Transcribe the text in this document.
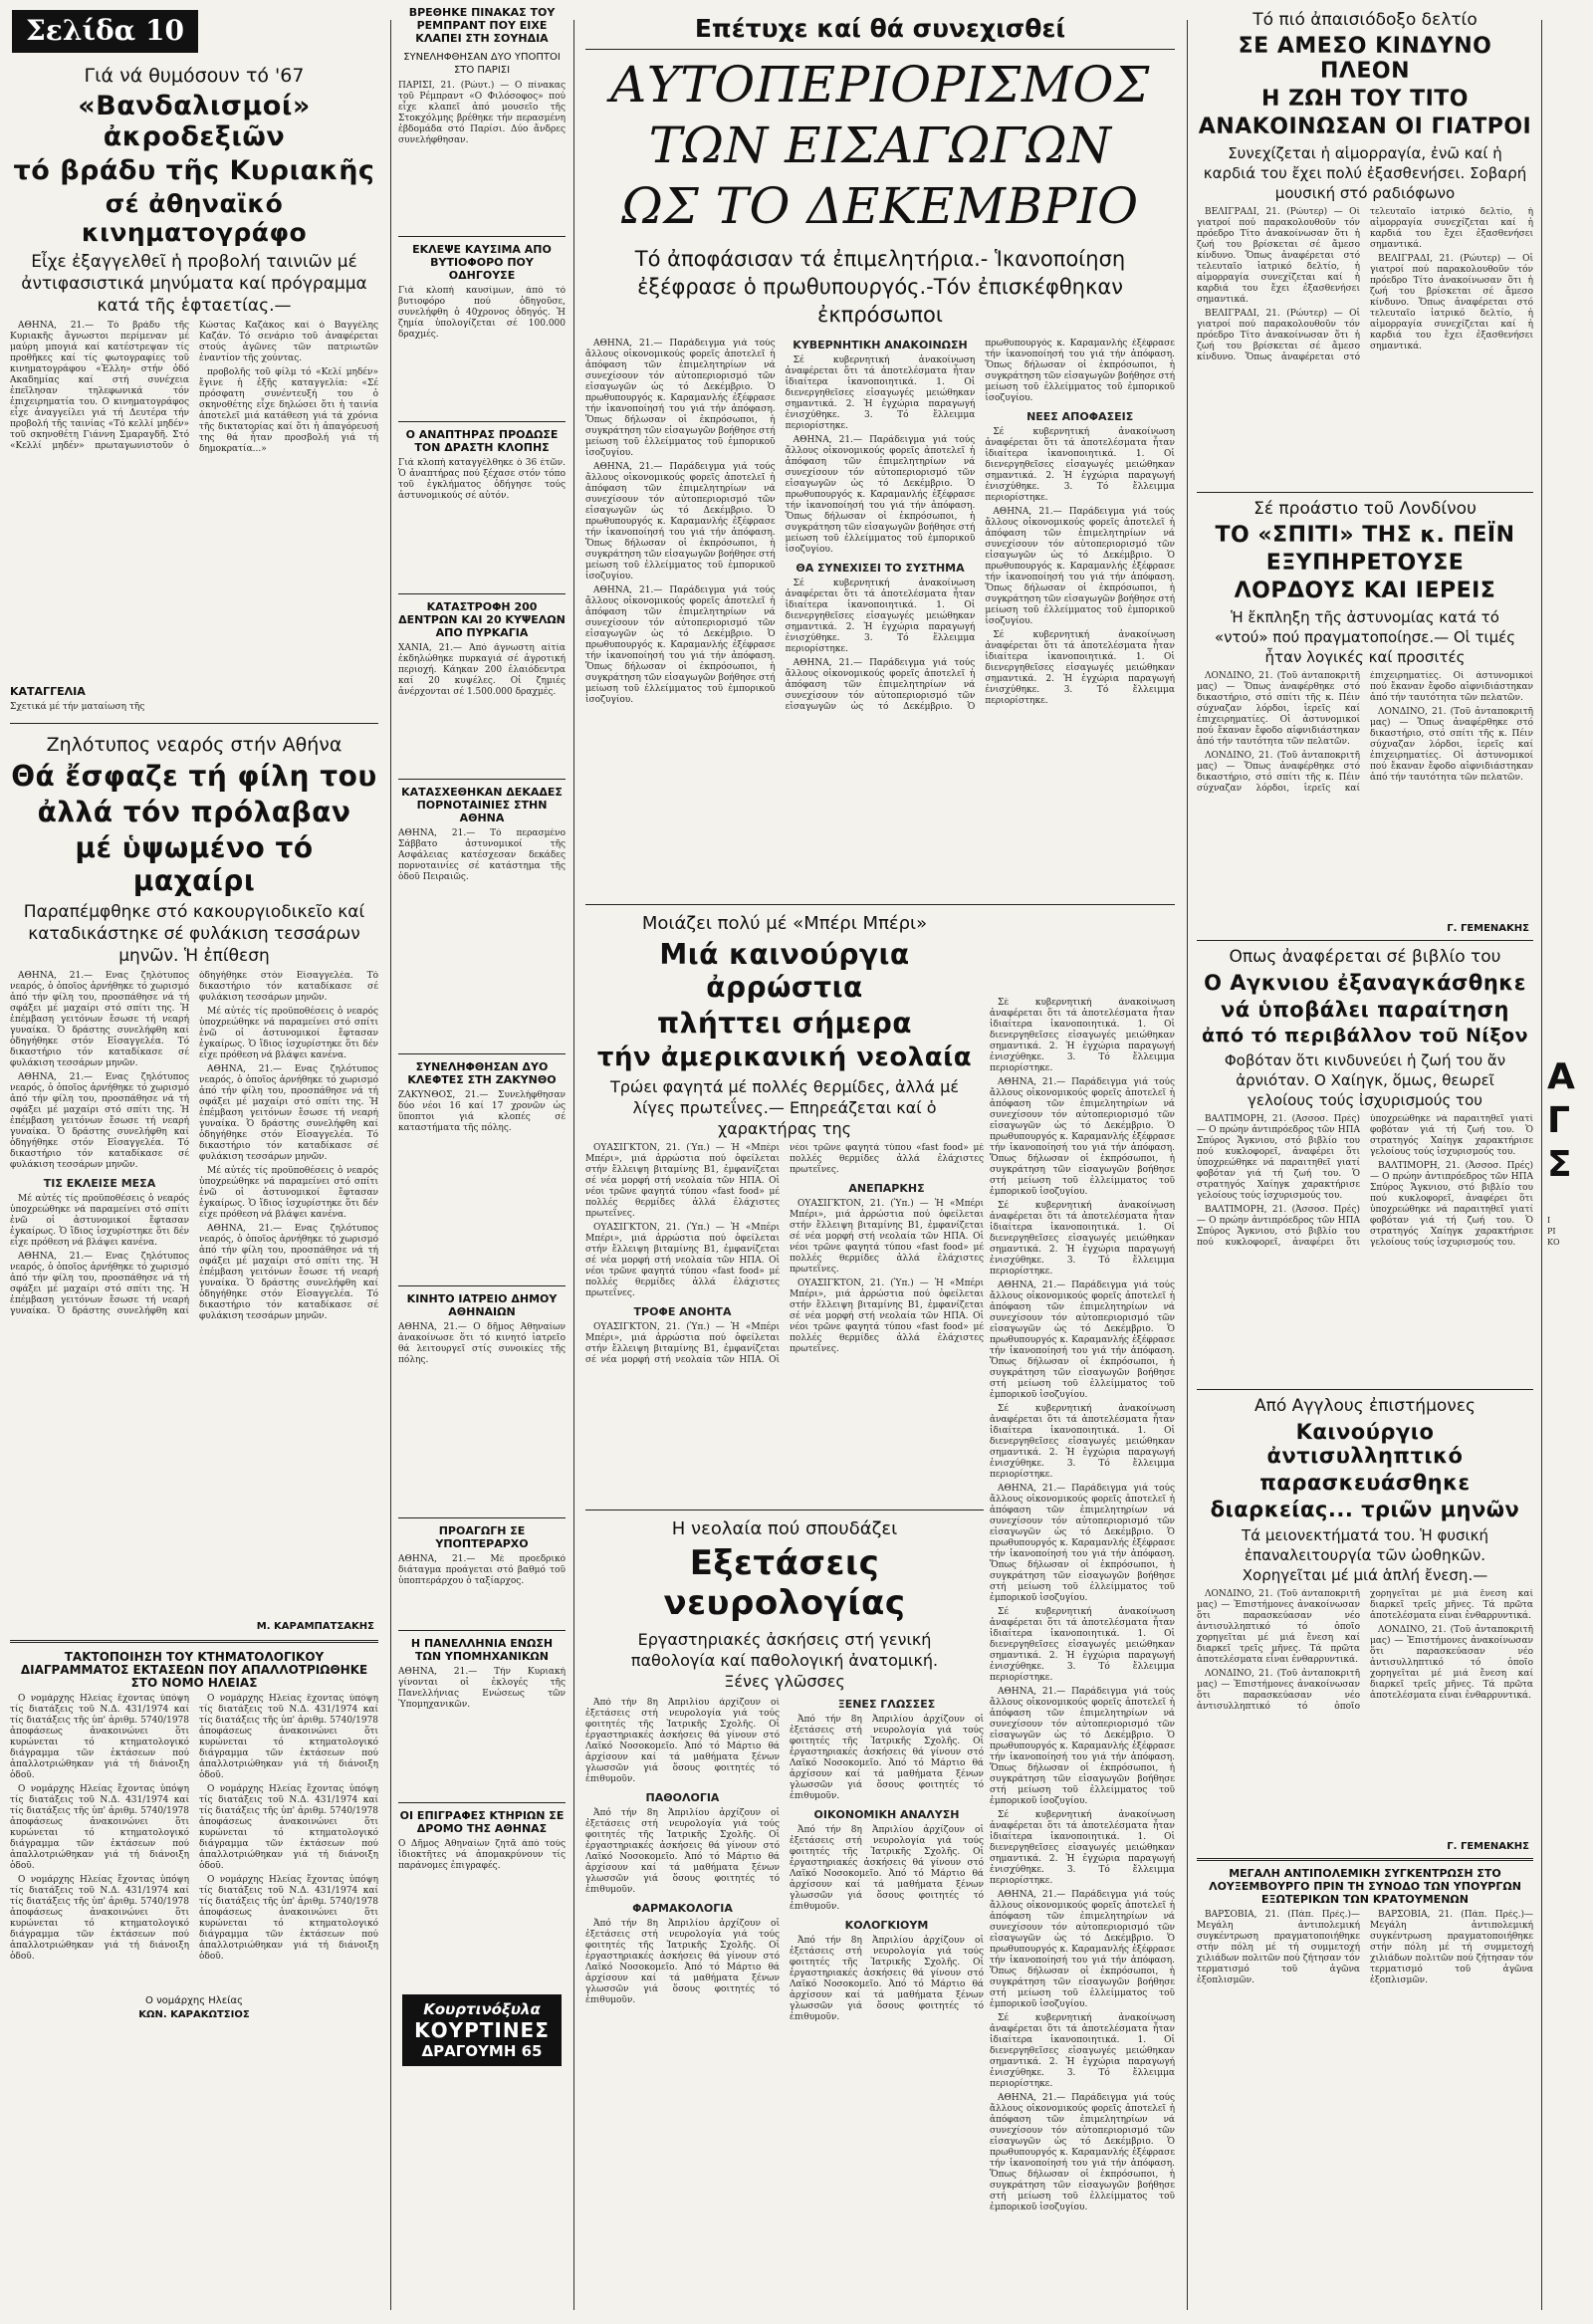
Σελίδα 10
Γιά νά θυμόσουν τό '67
«Βανδαλισμοί» ἀκροδεξιῶν
τό βράδυ τῆς Κυριακῆς
σέ ἀθηναϊκό κινηματογράφο
Εἶχε ἐξαγγελθεῖ ἡ προβολή ταινιῶν μέ ἀντιφασιστικά μηνύματα καί πρόγραμμα κατά τῆς ἑφταετίας.—

ΑΘΗΝΑ, 21.— Τό βράδυ τῆς Κυριακῆς ἄγνωστοι περίμεναν μέ μαύρη μπογιά καί κατέστρεψαν τίς προθῆκες καί τίς φωτογραφίες τοῦ κινηματογράφου «Ἐλλη» στήν ὁδό Ακαδημίας καί στή συνέχεια ἐπεῖλησαν τηλεφωνικά τόν ἐπιχειρηματία του. Ο κινηματογράφος εἶχε ἀναγγείλει γιά τή Δευτέρα τήν προβολή τῆς ταινίας «Τό κελλί μηδέν» τοῦ σκηνοθέτη Γιάννη Σμαραγδῆ. Στό «Κελλί μηδέν» πρωταγωνιστοῦν ὁ Κώστας Καζάκος καί ὁ Βαγγέλης Καζάν. Τό σενάριο τοῦ ἀναφέρεται στούς ἀγῶνες τῶν πατριωτῶν ἐναντίον τῆς χούντας.

προβολῆς τοῦ φίλμ τό «Κελί μηδέν» ἔγινε ἡ ἑξῆς καταγγελία: «Σέ πρόσφατη συνέντευξή του ὁ σκηνοθέτης εἶχε δηλώσει ὅτι ἡ ταινία ἀποτελεῖ μιά κατάθεση γιά τά χρόνια τῆς δικτατορίας καί ὅτι ἡ ἀπαγόρευσή της θά ἦταν προσβολή γιά τή δημοκρατία...»

ΚΑΤΑΓΓΕΛΙΑ
Σχετικά μέ τήν ματαίωση τῆς
Ζηλότυπος νεαρός στήν Αθήνα
Θά ἔσφαζε τή φίλη του
ἀλλά τόν πρόλαβαν
μέ ὑψωμένο τό μαχαίρι
Παραπέμφθηκε στό κακουργιοδικεῖο καί καταδικάστηκε σέ φυλάκιση τεσσάρων μηνῶν. Ἡ ἐπίθεση

ΑΘΗΝΑ, 21.— Ενας ζηλότυπος νεαρός, ὁ ὁποῖος ἀρνήθηκε τό χωρισμό ἀπό τήν φίλη του, προσπάθησε νά τή σφάξει μέ μαχαίρι στό σπίτι της. Ἡ ἐπέμβαση γειτόνων ἔσωσε τή νεαρή γυναίκα. Ὁ δράστης συνελήφθη καί ὁδηγήθηκε στόν Εἰσαγγελέα. Τό δικαστήριο τόν καταδίκασε σέ φυλάκιση τεσσάρων μηνῶν.

ΑΘΗΝΑ, 21.— Ενας ζηλότυπος νεαρός, ὁ ὁποῖος ἀρνήθηκε τό χωρισμό ἀπό τήν φίλη του, προσπάθησε νά τή σφάξει μέ μαχαίρι στό σπίτι της. Ἡ ἐπέμβαση γειτόνων ἔσωσε τή νεαρή γυναίκα. Ὁ δράστης συνελήφθη καί ὁδηγήθηκε στόν Εἰσαγγελέα. Τό δικαστήριο τόν καταδίκασε σέ φυλάκιση τεσσάρων μηνῶν.

ΤΙΣ ΕΚΛΕΙΣΕ ΜΕΣΑ

Μέ αὐτές τίς προϋποθέσεις ὁ νεαρός ὑποχρεώθηκε νά παραμείνει στό σπίτι ἐνῶ οἱ ἀστυνομικοί ἔφτασαν ἐγκαίρως. Ὁ ἴδιος ἰσχυρίστηκε ὅτι δέν εἶχε πρόθεση νά βλάψει κανένα.

ΑΘΗΝΑ, 21.— Ενας ζηλότυπος νεαρός, ὁ ὁποῖος ἀρνήθηκε τό χωρισμό ἀπό τήν φίλη του, προσπάθησε νά τή σφάξει μέ μαχαίρι στό σπίτι της. Ἡ ἐπέμβαση γειτόνων ἔσωσε τή νεαρή γυναίκα. Ὁ δράστης συνελήφθη καί ὁδηγήθηκε στόν Εἰσαγγελέα. Τό δικαστήριο τόν καταδίκασε σέ φυλάκιση τεσσάρων μηνῶν.

Μέ αὐτές τίς προϋποθέσεις ὁ νεαρός ὑποχρεώθηκε νά παραμείνει στό σπίτι ἐνῶ οἱ ἀστυνομικοί ἔφτασαν ἐγκαίρως. Ὁ ἴδιος ἰσχυρίστηκε ὅτι δέν εἶχε πρόθεση νά βλάψει κανένα.

ΑΘΗΝΑ, 21.— Ενας ζηλότυπος νεαρός, ὁ ὁποῖος ἀρνήθηκε τό χωρισμό ἀπό τήν φίλη του, προσπάθησε νά τή σφάξει μέ μαχαίρι στό σπίτι της. Ἡ ἐπέμβαση γειτόνων ἔσωσε τή νεαρή γυναίκα. Ὁ δράστης συνελήφθη καί ὁδηγήθηκε στόν Εἰσαγγελέα. Τό δικαστήριο τόν καταδίκασε σέ φυλάκιση τεσσάρων μηνῶν.

Μέ αὐτές τίς προϋποθέσεις ὁ νεαρός ὑποχρεώθηκε νά παραμείνει στό σπίτι ἐνῶ οἱ ἀστυνομικοί ἔφτασαν ἐγκαίρως. Ὁ ἴδιος ἰσχυρίστηκε ὅτι δέν εἶχε πρόθεση νά βλάψει κανένα.

ΑΘΗΝΑ, 21.— Ενας ζηλότυπος νεαρός, ὁ ὁποῖος ἀρνήθηκε τό χωρισμό ἀπό τήν φίλη του, προσπάθησε νά τή σφάξει μέ μαχαίρι στό σπίτι της. Ἡ ἐπέμβαση γειτόνων ἔσωσε τή νεαρή γυναίκα. Ὁ δράστης συνελήφθη καί ὁδηγήθηκε στόν Εἰσαγγελέα. Τό δικαστήριο τόν καταδίκασε σέ φυλάκιση τεσσάρων μηνῶν.

Μ. ΚΑΡΑΜΠΑΤΣΑΚΗΣ
ΤΑΚΤΟΠΟΙΗΣΗ ΤΟΥ ΚΤΗΜΑΤΟΛΟΓΙΚΟΥ ΔΙΑΓΡΑΜΜΑΤΟΣ ΕΚΤΑΣΕΩΝ ΠΟΥ ΑΠΑΛΛΟΤΡΙΩΘΗΚΕ ΣΤΟ ΝΟΜΟ ΗΛΕΙΑΣ

Ο νομάρχης Ηλείας ἔχοντας ὑπόψη τίς διατάξεις τοῦ Ν.Δ. 431/1974 καί τίς διατάξεις τῆς ὑπ' ἀριθμ. 5740/1978 ἀποφάσεως ἀνακοινώνει ὅτι κυρώνεται τό κτηματολογικό διάγραμμα τῶν ἐκτάσεων πού ἀπαλλοτριώθηκαν γιά τή διάνοιξη ὁδοῦ.

Ο νομάρχης Ηλείας ἔχοντας ὑπόψη τίς διατάξεις τοῦ Ν.Δ. 431/1974 καί τίς διατάξεις τῆς ὑπ' ἀριθμ. 5740/1978 ἀποφάσεως ἀνακοινώνει ὅτι κυρώνεται τό κτηματολογικό διάγραμμα τῶν ἐκτάσεων πού ἀπαλλοτριώθηκαν γιά τή διάνοιξη ὁδοῦ.

Ο νομάρχης Ηλείας ἔχοντας ὑπόψη τίς διατάξεις τοῦ Ν.Δ. 431/1974 καί τίς διατάξεις τῆς ὑπ' ἀριθμ. 5740/1978 ἀποφάσεως ἀνακοινώνει ὅτι κυρώνεται τό κτηματολογικό διάγραμμα τῶν ἐκτάσεων πού ἀπαλλοτριώθηκαν γιά τή διάνοιξη ὁδοῦ.

Ο νομάρχης Ηλείας ἔχοντας ὑπόψη τίς διατάξεις τοῦ Ν.Δ. 431/1974 καί τίς διατάξεις τῆς ὑπ' ἀριθμ. 5740/1978 ἀποφάσεως ἀνακοινώνει ὅτι κυρώνεται τό κτηματολογικό διάγραμμα τῶν ἐκτάσεων πού ἀπαλλοτριώθηκαν γιά τή διάνοιξη ὁδοῦ.

Ο νομάρχης Ηλείας ἔχοντας ὑπόψη τίς διατάξεις τοῦ Ν.Δ. 431/1974 καί τίς διατάξεις τῆς ὑπ' ἀριθμ. 5740/1978 ἀποφάσεως ἀνακοινώνει ὅτι κυρώνεται τό κτηματολογικό διάγραμμα τῶν ἐκτάσεων πού ἀπαλλοτριώθηκαν γιά τή διάνοιξη ὁδοῦ.

Ο νομάρχης Ηλείας ἔχοντας ὑπόψη τίς διατάξεις τοῦ Ν.Δ. 431/1974 καί τίς διατάξεις τῆς ὑπ' ἀριθμ. 5740/1978 ἀποφάσεως ἀνακοινώνει ὅτι κυρώνεται τό κτηματολογικό διάγραμμα τῶν ἐκτάσεων πού ἀπαλλοτριώθηκαν γιά τή διάνοιξη ὁδοῦ.

Ο νομάρχης Ηλείας
ΚΩΝ. ΚΑΡΑΚΩΤΣΙΟΣ
ΒΡΕΘΗΚΕ ΠΙΝΑΚΑΣ ΤΟΥ ΡΕΜΠΡΑΝΤ ΠΟΥ ΕΙΧΕ ΚΛΑΠΕΙ ΣΤΗ ΣΟΥΗΔΙΑ
ΣΥΝΕΛΗΦΘΗΣΑΝ ΔΥΟ ΥΠΟΠΤΟΙ ΣΤΟ ΠΑΡΙΣΙ
ΠΑΡΙΣΙ, 21. (Ρώυτ.) — Ο πίνακας τοῦ Ρέμπραντ «Ο Φιλόσοφος» πού εἶχε κλαπεῖ ἀπό μουσεῖο τῆς Στοκχόλμης βρέθηκε τήν περασμένη ἑβδομάδα στό Παρίσι. Δύο ἄνδρες συνελήφθησαν.
ΕΚΛΕΨΕ ΚΑΥΣΙΜΑ ΑΠΟ ΒΥΤΙΟΦΟΡΟ ΠΟΥ ΟΔΗΓΟΥΣΕ
Γιά κλοπή καυσίμων, ἀπό τό βυτιοφόρο πού ὁδηγοῦσε, συνελήφθη ὁ 40χρονος ὁδηγός. Ἡ ζημία ὑπολογίζεται σέ 100.000 δραχμές.
Ο ΑΝΑΠΤΗΡΑΣ ΠΡΟΔΩΣΕ ΤΟΝ ΔΡΑΣΤΗ ΚΛΟΠΗΣ
Γιά κλοπή καταγγέλθηκε ὁ 36 ἐτῶν. Ὁ ἀναπτήρας πού ξέχασε στόν τόπο τοῦ ἐγκλήματος ὁδήγησε τούς ἀστυνομικούς σέ αὐτόν.
ΚΑΤΑΣΤΡΟΦΗ 200 ΔΕΝΤΡΩΝ ΚΑΙ 20 ΚΥΨΕΛΩΝ ΑΠΟ ΠΥΡΚΑΓΙΑ
ΧΑΝΙΑ, 21.— Ἀπό ἄγνωστη αἰτία ἐκδηλώθηκε πυρκαγιά σέ ἀγροτική περιοχή. Κάηκαν 200 ἐλαιόδεντρα καί 20 κυψέλες. Οἱ ζημιές ἀνέρχονται σέ 1.500.000 δραχμές.
ΚΑΤΑΣΧΕΘΗΚΑΝ ΔΕΚΑΔΕΣ ΠΟΡΝΟΤΑΙΝΙΕΣ ΣΤΗΝ ΑΘΗΝΑ
ΑΘΗΝΑ, 21.— Τό περασμένο Σάββατο ἀστυνομικοί τῆς Ασφάλειας κατέσχεσαν δεκάδες πορνοταινίες σέ κατάστημα τῆς ὁδοῦ Πειραιῶς.
ΣΥΝΕΛΗΦΘΗΣΑΝ ΔΥΟ ΚΛΕΦΤΕΣ ΣΤΗ ΖΑΚΥΝΘΟ
ΖΑΚΥΝΘΟΣ, 21.— Συνελήφθησαν δύο νέοι 16 καί 17 χρονῶν ὡς ὕποπτοι γιά κλοπές σέ καταστήματα τῆς πόλης.
ΚΙΝΗΤΟ ΙΑΤΡΕΙΟ ΔΗΜΟΥ ΑΘΗΝΑΙΩΝ
ΑΘΗΝΑ, 21.— Ο δῆμος Ἀθηναίων ἀνακοίνωσε ὅτι τό κινητό ἰατρεῖο θά λειτουργεῖ στίς συνοικίες τῆς πόλης.
ΠΡΟΑΓΩΓΗ ΣΕ ΥΠΟΠΤΕΡΑΡΧΟ
ΑΘΗΝΑ, 21.— Μέ προεδρικό διάταγμα προάγεται στό βαθμό τοῦ ὑποπτεράρχου ὁ ταξίαρχος.
Η ΠΑΝΕΛΛΗΝΙΑ ΕΝΩΣΗ ΤΩΝ ΥΠΟΜΗΧΑΝΙΚΩΝ
ΑΘΗΝΑ, 21.— Τήν Κυριακή γίνονται οἱ ἐκλογές τῆς Πανελλήνιας Ενώσεως τῶν Ὑπομηχανικῶν.
ΟΙ ΕΠΙΓΡΑΦΕΣ ΚΤΗΡΙΩΝ ΣΕ ΔΡΟΜΟ ΤΗΣ ΑΘΗΝΑΣ
Ο Δῆμος Ἀθηναίων ζητᾶ ἀπό τούς ἰδιοκτῆτες νά ἀπομακρύνουν τίς παράνομες ἐπιγραφές.
Κουρτινόξυλα
ΚΟΥΡΤΙΝΕΣ
ΔΡΑΓΟΥΜΗ 65
Επέτυχε καί θά συνεχισθεί
ΑΥΤΟΠΕΡΙΟΡΙΣΜΟΣ
ΤΩΝ ΕΙΣΑΓΩΓΩΝ
ΩΣ ΤΟ ΔΕΚΕΜΒΡΙΟ
Τό ἀποφάσισαν τά ἐπιμελητήρια.- Ἱκανοποίηση ἐξέφρασε ὁ πρωθυπουργός.-Τόν ἐπισκέφθηκαν ἐκπρόσωποι

ΑΘΗΝΑ, 21.— Παράδειγμα γιά τούς ἄλλους οἰκονομικούς φορεῖς ἀποτελεῖ ἡ ἀπόφαση τῶν ἐπιμελητηρίων νά συνεχίσουν τόν αὐτοπεριορισμό τῶν εἰσαγωγῶν ὡς τό Δεκέμβριο. Ὁ πρωθυπουργός κ. Καραμανλής ἐξέφρασε τήν ἱκανοποίησή του γιά τήν ἀπόφαση. Ὅπως δήλωσαν οἱ ἐκπρόσωποι, ἡ συγκράτηση τῶν εἰσαγωγῶν βοήθησε στή μείωση τοῦ ἐλλείμματος τοῦ ἐμπορικοῦ ἰσοζυγίου.

ΑΘΗΝΑ, 21.— Παράδειγμα γιά τούς ἄλλους οἰκονομικούς φορεῖς ἀποτελεῖ ἡ ἀπόφαση τῶν ἐπιμελητηρίων νά συνεχίσουν τόν αὐτοπεριορισμό τῶν εἰσαγωγῶν ὡς τό Δεκέμβριο. Ὁ πρωθυπουργός κ. Καραμανλής ἐξέφρασε τήν ἱκανοποίησή του γιά τήν ἀπόφαση. Ὅπως δήλωσαν οἱ ἐκπρόσωποι, ἡ συγκράτηση τῶν εἰσαγωγῶν βοήθησε στή μείωση τοῦ ἐλλείμματος τοῦ ἐμπορικοῦ ἰσοζυγίου.

ΑΘΗΝΑ, 21.— Παράδειγμα γιά τούς ἄλλους οἰκονομικούς φορεῖς ἀποτελεῖ ἡ ἀπόφαση τῶν ἐπιμελητηρίων νά συνεχίσουν τόν αὐτοπεριορισμό τῶν εἰσαγωγῶν ὡς τό Δεκέμβριο. Ὁ πρωθυπουργός κ. Καραμανλής ἐξέφρασε τήν ἱκανοποίησή του γιά τήν ἀπόφαση. Ὅπως δήλωσαν οἱ ἐκπρόσωποι, ἡ συγκράτηση τῶν εἰσαγωγῶν βοήθησε στή μείωση τοῦ ἐλλείμματος τοῦ ἐμπορικοῦ ἰσοζυγίου.

ΚΥΒΕΡΝΗΤΙΚΗ ΑΝΑΚΟΙΝΩΣΗ

Σέ κυβερνητική ἀνακοίνωση ἀναφέρεται ὅτι τά ἀποτελέσματα ἦταν ἰδιαίτερα ἱκανοποιητικά. 1. Οἱ διενεργηθεῖσες εἰσαγωγές μειώθηκαν σημαντικά. 2. Ἡ ἐγχώρια παραγωγή ἐνισχύθηκε. 3. Τό ἔλλειμμα περιορίστηκε.

ΑΘΗΝΑ, 21.— Παράδειγμα γιά τούς ἄλλους οἰκονομικούς φορεῖς ἀποτελεῖ ἡ ἀπόφαση τῶν ἐπιμελητηρίων νά συνεχίσουν τόν αὐτοπεριορισμό τῶν εἰσαγωγῶν ὡς τό Δεκέμβριο. Ὁ πρωθυπουργός κ. Καραμανλής ἐξέφρασε τήν ἱκανοποίησή του γιά τήν ἀπόφαση. Ὅπως δήλωσαν οἱ ἐκπρόσωποι, ἡ συγκράτηση τῶν εἰσαγωγῶν βοήθησε στή μείωση τοῦ ἐλλείμματος τοῦ ἐμπορικοῦ ἰσοζυγίου.

ΘΑ ΣΥΝΕΧΙΣΕΙ ΤΟ ΣΥΣΤΗΜΑ

Σέ κυβερνητική ἀνακοίνωση ἀναφέρεται ὅτι τά ἀποτελέσματα ἦταν ἰδιαίτερα ἱκανοποιητικά. 1. Οἱ διενεργηθεῖσες εἰσαγωγές μειώθηκαν σημαντικά. 2. Ἡ ἐγχώρια παραγωγή ἐνισχύθηκε. 3. Τό ἔλλειμμα περιορίστηκε.

ΑΘΗΝΑ, 21.— Παράδειγμα γιά τούς ἄλλους οἰκονομικούς φορεῖς ἀποτελεῖ ἡ ἀπόφαση τῶν ἐπιμελητηρίων νά συνεχίσουν τόν αὐτοπεριορισμό τῶν εἰσαγωγῶν ὡς τό Δεκέμβριο. Ὁ πρωθυπουργός κ. Καραμανλής ἐξέφρασε τήν ἱκανοποίησή του γιά τήν ἀπόφαση. Ὅπως δήλωσαν οἱ ἐκπρόσωποι, ἡ συγκράτηση τῶν εἰσαγωγῶν βοήθησε στή μείωση τοῦ ἐλλείμματος τοῦ ἐμπορικοῦ ἰσοζυγίου.

ΝΕΕΣ ΑΠΟΦΑΣΕΙΣ

Σέ κυβερνητική ἀνακοίνωση ἀναφέρεται ὅτι τά ἀποτελέσματα ἦταν ἰδιαίτερα ἱκανοποιητικά. 1. Οἱ διενεργηθεῖσες εἰσαγωγές μειώθηκαν σημαντικά. 2. Ἡ ἐγχώρια παραγωγή ἐνισχύθηκε. 3. Τό ἔλλειμμα περιορίστηκε.

ΑΘΗΝΑ, 21.— Παράδειγμα γιά τούς ἄλλους οἰκονομικούς φορεῖς ἀποτελεῖ ἡ ἀπόφαση τῶν ἐπιμελητηρίων νά συνεχίσουν τόν αὐτοπεριορισμό τῶν εἰσαγωγῶν ὡς τό Δεκέμβριο. Ὁ πρωθυπουργός κ. Καραμανλής ἐξέφρασε τήν ἱκανοποίησή του γιά τήν ἀπόφαση. Ὅπως δήλωσαν οἱ ἐκπρόσωποι, ἡ συγκράτηση τῶν εἰσαγωγῶν βοήθησε στή μείωση τοῦ ἐλλείμματος τοῦ ἐμπορικοῦ ἰσοζυγίου.

Σέ κυβερνητική ἀνακοίνωση ἀναφέρεται ὅτι τά ἀποτελέσματα ἦταν ἰδιαίτερα ἱκανοποιητικά. 1. Οἱ διενεργηθεῖσες εἰσαγωγές μειώθηκαν σημαντικά. 2. Ἡ ἐγχώρια παραγωγή ἐνισχύθηκε. 3. Τό ἔλλειμμα περιορίστηκε.

Μοιάζει πολύ μέ «Μπέρι Μπέρι»
Μιά καινούργια ἀρρώστια
πλήττει σήμερα
τήν ἀμερικανική νεολαία
Τρώει φαγητά μέ πολλές θερμίδες, ἀλλά μέ λίγες πρωτεΐνες.— Επηρεάζεται καί ὁ χαρακτήρας της

ΟΥΑΣΙΓΚΤΟΝ, 21. (Ὑπ.) — Ἡ «Μπέρι Μπέρι», μιά ἀρρώστια πού ὀφείλεται στήν ἔλλειψη βιταμίνης Β1, ἐμφανίζεται σέ νέα μορφή στή νεολαία τῶν ΗΠΑ. Οἱ νέοι τρῶνε φαγητά τύπου «fast food» μέ πολλές θερμίδες ἀλλά ἐλάχιστες πρωτεΐνες.

ΟΥΑΣΙΓΚΤΟΝ, 21. (Ὑπ.) — Ἡ «Μπέρι Μπέρι», μιά ἀρρώστια πού ὀφείλεται στήν ἔλλειψη βιταμίνης Β1, ἐμφανίζεται σέ νέα μορφή στή νεολαία τῶν ΗΠΑ. Οἱ νέοι τρῶνε φαγητά τύπου «fast food» μέ πολλές θερμίδες ἀλλά ἐλάχιστες πρωτεΐνες.

ΤΡΟΦΕ ΑΝΟΗΤΑ

ΟΥΑΣΙΓΚΤΟΝ, 21. (Ὑπ.) — Ἡ «Μπέρι Μπέρι», μιά ἀρρώστια πού ὀφείλεται στήν ἔλλειψη βιταμίνης Β1, ἐμφανίζεται σέ νέα μορφή στή νεολαία τῶν ΗΠΑ. Οἱ νέοι τρῶνε φαγητά τύπου «fast food» μέ πολλές θερμίδες ἀλλά ἐλάχιστες πρωτεΐνες.

ΑΝΕΠΑΡΚΗΣ

ΟΥΑΣΙΓΚΤΟΝ, 21. (Ὑπ.) — Ἡ «Μπέρι Μπέρι», μιά ἀρρώστια πού ὀφείλεται στήν ἔλλειψη βιταμίνης Β1, ἐμφανίζεται σέ νέα μορφή στή νεολαία τῶν ΗΠΑ. Οἱ νέοι τρῶνε φαγητά τύπου «fast food» μέ πολλές θερμίδες ἀλλά ἐλάχιστες πρωτεΐνες.

ΟΥΑΣΙΓΚΤΟΝ, 21. (Ὑπ.) — Ἡ «Μπέρι Μπέρι», μιά ἀρρώστια πού ὀφείλεται στήν ἔλλειψη βιταμίνης Β1, ἐμφανίζεται σέ νέα μορφή στή νεολαία τῶν ΗΠΑ. Οἱ νέοι τρῶνε φαγητά τύπου «fast food» μέ πολλές θερμίδες ἀλλά ἐλάχιστες πρωτεΐνες.

Η νεολαία πού σπουδάζει
Εξετάσεις νευρολογίας
Εργαστηριακές ἀσκήσεις στή γενική παθολογία καί παθολογική ἀνατομική. Ξένες γλῶσσες

Ἀπό τήν 8η Ἀπριλίου ἀρχίζουν οἱ ἐξετάσεις στή νευρολογία γιά τούς φοιτητές τῆς Ἰατρικῆς Σχολῆς. Οἱ ἐργαστηριακές ἀσκήσεις θά γίνουν στό Λαϊκό Νοσοκομεῖο. Ἀπό τό Μάρτιο θά ἀρχίσουν καί τά μαθήματα ξένων γλωσσῶν γιά ὅσους φοιτητές τό ἐπιθυμοῦν.

ΠΑΘΟΛΟΓΙΑ

Ἀπό τήν 8η Ἀπριλίου ἀρχίζουν οἱ ἐξετάσεις στή νευρολογία γιά τούς φοιτητές τῆς Ἰατρικῆς Σχολῆς. Οἱ ἐργαστηριακές ἀσκήσεις θά γίνουν στό Λαϊκό Νοσοκομεῖο. Ἀπό τό Μάρτιο θά ἀρχίσουν καί τά μαθήματα ξένων γλωσσῶν γιά ὅσους φοιτητές τό ἐπιθυμοῦν.

ΦΑΡΜΑΚΟΛΟΓΙΑ

Ἀπό τήν 8η Ἀπριλίου ἀρχίζουν οἱ ἐξετάσεις στή νευρολογία γιά τούς φοιτητές τῆς Ἰατρικῆς Σχολῆς. Οἱ ἐργαστηριακές ἀσκήσεις θά γίνουν στό Λαϊκό Νοσοκομεῖο. Ἀπό τό Μάρτιο θά ἀρχίσουν καί τά μαθήματα ξένων γλωσσῶν γιά ὅσους φοιτητές τό ἐπιθυμοῦν.

ΞΕΝΕΣ ΓΛΩΣΣΕΣ

Ἀπό τήν 8η Ἀπριλίου ἀρχίζουν οἱ ἐξετάσεις στή νευρολογία γιά τούς φοιτητές τῆς Ἰατρικῆς Σχολῆς. Οἱ ἐργαστηριακές ἀσκήσεις θά γίνουν στό Λαϊκό Νοσοκομεῖο. Ἀπό τό Μάρτιο θά ἀρχίσουν καί τά μαθήματα ξένων γλωσσῶν γιά ὅσους φοιτητές τό ἐπιθυμοῦν.

ΟΙΚΟΝΟΜΙΚΗ ΑΝΑΛΥΣΗ

Ἀπό τήν 8η Ἀπριλίου ἀρχίζουν οἱ ἐξετάσεις στή νευρολογία γιά τούς φοιτητές τῆς Ἰατρικῆς Σχολῆς. Οἱ ἐργαστηριακές ἀσκήσεις θά γίνουν στό Λαϊκό Νοσοκομεῖο. Ἀπό τό Μάρτιο θά ἀρχίσουν καί τά μαθήματα ξένων γλωσσῶν γιά ὅσους φοιτητές τό ἐπιθυμοῦν.

ΚΟΛΟΓΚΙΟΥΜ

Ἀπό τήν 8η Ἀπριλίου ἀρχίζουν οἱ ἐξετάσεις στή νευρολογία γιά τούς φοιτητές τῆς Ἰατρικῆς Σχολῆς. Οἱ ἐργαστηριακές ἀσκήσεις θά γίνουν στό Λαϊκό Νοσοκομεῖο. Ἀπό τό Μάρτιο θά ἀρχίσουν καί τά μαθήματα ξένων γλωσσῶν γιά ὅσους φοιτητές τό ἐπιθυμοῦν.

Σέ κυβερνητική ἀνακοίνωση ἀναφέρεται ὅτι τά ἀποτελέσματα ἦταν ἰδιαίτερα ἱκανοποιητικά. 1. Οἱ διενεργηθεῖσες εἰσαγωγές μειώθηκαν σημαντικά. 2. Ἡ ἐγχώρια παραγωγή ἐνισχύθηκε. 3. Τό ἔλλειμμα περιορίστηκε.

ΑΘΗΝΑ, 21.— Παράδειγμα γιά τούς ἄλλους οἰκονομικούς φορεῖς ἀποτελεῖ ἡ ἀπόφαση τῶν ἐπιμελητηρίων νά συνεχίσουν τόν αὐτοπεριορισμό τῶν εἰσαγωγῶν ὡς τό Δεκέμβριο. Ὁ πρωθυπουργός κ. Καραμανλής ἐξέφρασε τήν ἱκανοποίησή του γιά τήν ἀπόφαση. Ὅπως δήλωσαν οἱ ἐκπρόσωποι, ἡ συγκράτηση τῶν εἰσαγωγῶν βοήθησε στή μείωση τοῦ ἐλλείμματος τοῦ ἐμπορικοῦ ἰσοζυγίου.

Σέ κυβερνητική ἀνακοίνωση ἀναφέρεται ὅτι τά ἀποτελέσματα ἦταν ἰδιαίτερα ἱκανοποιητικά. 1. Οἱ διενεργηθεῖσες εἰσαγωγές μειώθηκαν σημαντικά. 2. Ἡ ἐγχώρια παραγωγή ἐνισχύθηκε. 3. Τό ἔλλειμμα περιορίστηκε.

ΑΘΗΝΑ, 21.— Παράδειγμα γιά τούς ἄλλους οἰκονομικούς φορεῖς ἀποτελεῖ ἡ ἀπόφαση τῶν ἐπιμελητηρίων νά συνεχίσουν τόν αὐτοπεριορισμό τῶν εἰσαγωγῶν ὡς τό Δεκέμβριο. Ὁ πρωθυπουργός κ. Καραμανλής ἐξέφρασε τήν ἱκανοποίησή του γιά τήν ἀπόφαση. Ὅπως δήλωσαν οἱ ἐκπρόσωποι, ἡ συγκράτηση τῶν εἰσαγωγῶν βοήθησε στή μείωση τοῦ ἐλλείμματος τοῦ ἐμπορικοῦ ἰσοζυγίου.

Σέ κυβερνητική ἀνακοίνωση ἀναφέρεται ὅτι τά ἀποτελέσματα ἦταν ἰδιαίτερα ἱκανοποιητικά. 1. Οἱ διενεργηθεῖσες εἰσαγωγές μειώθηκαν σημαντικά. 2. Ἡ ἐγχώρια παραγωγή ἐνισχύθηκε. 3. Τό ἔλλειμμα περιορίστηκε.

ΑΘΗΝΑ, 21.— Παράδειγμα γιά τούς ἄλλους οἰκονομικούς φορεῖς ἀποτελεῖ ἡ ἀπόφαση τῶν ἐπιμελητηρίων νά συνεχίσουν τόν αὐτοπεριορισμό τῶν εἰσαγωγῶν ὡς τό Δεκέμβριο. Ὁ πρωθυπουργός κ. Καραμανλής ἐξέφρασε τήν ἱκανοποίησή του γιά τήν ἀπόφαση. Ὅπως δήλωσαν οἱ ἐκπρόσωποι, ἡ συγκράτηση τῶν εἰσαγωγῶν βοήθησε στή μείωση τοῦ ἐλλείμματος τοῦ ἐμπορικοῦ ἰσοζυγίου.

Σέ κυβερνητική ἀνακοίνωση ἀναφέρεται ὅτι τά ἀποτελέσματα ἦταν ἰδιαίτερα ἱκανοποιητικά. 1. Οἱ διενεργηθεῖσες εἰσαγωγές μειώθηκαν σημαντικά. 2. Ἡ ἐγχώρια παραγωγή ἐνισχύθηκε. 3. Τό ἔλλειμμα περιορίστηκε.

ΑΘΗΝΑ, 21.— Παράδειγμα γιά τούς ἄλλους οἰκονομικούς φορεῖς ἀποτελεῖ ἡ ἀπόφαση τῶν ἐπιμελητηρίων νά συνεχίσουν τόν αὐτοπεριορισμό τῶν εἰσαγωγῶν ὡς τό Δεκέμβριο. Ὁ πρωθυπουργός κ. Καραμανλής ἐξέφρασε τήν ἱκανοποίησή του γιά τήν ἀπόφαση. Ὅπως δήλωσαν οἱ ἐκπρόσωποι, ἡ συγκράτηση τῶν εἰσαγωγῶν βοήθησε στή μείωση τοῦ ἐλλείμματος τοῦ ἐμπορικοῦ ἰσοζυγίου.

Σέ κυβερνητική ἀνακοίνωση ἀναφέρεται ὅτι τά ἀποτελέσματα ἦταν ἰδιαίτερα ἱκανοποιητικά. 1. Οἱ διενεργηθεῖσες εἰσαγωγές μειώθηκαν σημαντικά. 2. Ἡ ἐγχώρια παραγωγή ἐνισχύθηκε. 3. Τό ἔλλειμμα περιορίστηκε.

ΑΘΗΝΑ, 21.— Παράδειγμα γιά τούς ἄλλους οἰκονομικούς φορεῖς ἀποτελεῖ ἡ ἀπόφαση τῶν ἐπιμελητηρίων νά συνεχίσουν τόν αὐτοπεριορισμό τῶν εἰσαγωγῶν ὡς τό Δεκέμβριο. Ὁ πρωθυπουργός κ. Καραμανλής ἐξέφρασε τήν ἱκανοποίησή του γιά τήν ἀπόφαση. Ὅπως δήλωσαν οἱ ἐκπρόσωποι, ἡ συγκράτηση τῶν εἰσαγωγῶν βοήθησε στή μείωση τοῦ ἐλλείμματος τοῦ ἐμπορικοῦ ἰσοζυγίου.

Σέ κυβερνητική ἀνακοίνωση ἀναφέρεται ὅτι τά ἀποτελέσματα ἦταν ἰδιαίτερα ἱκανοποιητικά. 1. Οἱ διενεργηθεῖσες εἰσαγωγές μειώθηκαν σημαντικά. 2. Ἡ ἐγχώρια παραγωγή ἐνισχύθηκε. 3. Τό ἔλλειμμα περιορίστηκε.

ΑΘΗΝΑ, 21.— Παράδειγμα γιά τούς ἄλλους οἰκονομικούς φορεῖς ἀποτελεῖ ἡ ἀπόφαση τῶν ἐπιμελητηρίων νά συνεχίσουν τόν αὐτοπεριορισμό τῶν εἰσαγωγῶν ὡς τό Δεκέμβριο. Ὁ πρωθυπουργός κ. Καραμανλής ἐξέφρασε τήν ἱκανοποίησή του γιά τήν ἀπόφαση. Ὅπως δήλωσαν οἱ ἐκπρόσωποι, ἡ συγκράτηση τῶν εἰσαγωγῶν βοήθησε στή μείωση τοῦ ἐλλείμματος τοῦ ἐμπορικοῦ ἰσοζυγίου.

Τό πιό ἀπαισιόδοξο δελτίο
ΣΕ ΑΜΕΣΟ ΚΙΝΔΥΝΟ ΠΛΕΟΝ
Η ΖΩΗ ΤΟΥ ΤΙΤΟ
ΑΝΑΚΟΙΝΩΣΑΝ ΟΙ ΓΙΑΤΡΟΙ
Συνεχίζεται ἡ αἱμορραγία, ἐνῶ καί ἡ καρδιά του ἔχει πολύ ἐξασθενήσει. Σοβαρή μουσική στό ραδιόφωνο

ΒΕΛΙΓΡΑΔΙ, 21. (Ρώυτερ) — Οἱ γιατροί πού παρακολουθοῦν τόν πρόεδρο Τίτο ἀνακοίνωσαν ὅτι ἡ ζωή του βρίσκεται σέ ἄμεσο κίνδυνο. Ὅπως ἀναφέρεται στό τελευταῖο ἰατρικό δελτίο, ἡ αἱμορραγία συνεχίζεται καί ἡ καρδιά του ἔχει ἐξασθενήσει σημαντικά.

ΒΕΛΙΓΡΑΔΙ, 21. (Ρώυτερ) — Οἱ γιατροί πού παρακολουθοῦν τόν πρόεδρο Τίτο ἀνακοίνωσαν ὅτι ἡ ζωή του βρίσκεται σέ ἄμεσο κίνδυνο. Ὅπως ἀναφέρεται στό τελευταῖο ἰατρικό δελτίο, ἡ αἱμορραγία συνεχίζεται καί ἡ καρδιά του ἔχει ἐξασθενήσει σημαντικά.

ΒΕΛΙΓΡΑΔΙ, 21. (Ρώυτερ) — Οἱ γιατροί πού παρακολουθοῦν τόν πρόεδρο Τίτο ἀνακοίνωσαν ὅτι ἡ ζωή του βρίσκεται σέ ἄμεσο κίνδυνο. Ὅπως ἀναφέρεται στό τελευταῖο ἰατρικό δελτίο, ἡ αἱμορραγία συνεχίζεται καί ἡ καρδιά του ἔχει ἐξασθενήσει σημαντικά.

Σέ προάστιο τοῦ Λονδίνου
ΤΟ «ΣΠΙΤΙ» ΤΗΣ κ. ΠΕΪΝ
ΕΞΥΠΗΡΕΤΟΥΣΕ
ΛΟΡΔΟΥΣ ΚΑΙ ΙΕΡΕΙΣ
Ἡ ἔκπληξη τῆς ἀστυνομίας κατά τό «ντού» πού πραγματοποίησε.— Οἱ τιμές ἦταν λογικές καί προσιτές

ΛΟΝΔΙΝΟ, 21. (Τοῦ ἀνταποκριτῆ μας) — Ὅπως ἀναφέρθηκε στό δικαστήριο, στό σπίτι τῆς κ. Πέιν σύχναζαν λόρδοι, ἱερεῖς καί ἐπιχειρηματίες. Οἱ ἀστυνομικοί πού ἔκαναν ἔφοδο αἰφνιδιάστηκαν ἀπό τήν ταυτότητα τῶν πελατῶν.

ΛΟΝΔΙΝΟ, 21. (Τοῦ ἀνταποκριτῆ μας) — Ὅπως ἀναφέρθηκε στό δικαστήριο, στό σπίτι τῆς κ. Πέιν σύχναζαν λόρδοι, ἱερεῖς καί ἐπιχειρηματίες. Οἱ ἀστυνομικοί πού ἔκαναν ἔφοδο αἰφνιδιάστηκαν ἀπό τήν ταυτότητα τῶν πελατῶν.

ΛΟΝΔΙΝΟ, 21. (Τοῦ ἀνταποκριτῆ μας) — Ὅπως ἀναφέρθηκε στό δικαστήριο, στό σπίτι τῆς κ. Πέιν σύχναζαν λόρδοι, ἱερεῖς καί ἐπιχειρηματίες. Οἱ ἀστυνομικοί πού ἔκαναν ἔφοδο αἰφνιδιάστηκαν ἀπό τήν ταυτότητα τῶν πελατῶν.

Γ. ΓΕΜΕΝΑΚΗΣ
Οπως ἀναφέρεται σέ βιβλίο του
Ο Αγκνιου ἐξαναγκάσθηκε
νά ὑποβάλει παραίτηση
ἀπό τό περιβάλλον τοῦ Νίξον
Φοβόταν ὅτι κινδυνεύει ἡ ζωή του ἄν ἀρνιόταν. Ο Χαίηγκ, ὅμως, θεωρεῖ γελοίους τούς ἰσχυρισμούς του

ΒΑΛΤΙΜΟΡΗ, 21. (Ἀσσοσ. Πρές) — Ο πρώην ἀντιπρόεδρος τῶν ΗΠΑ Σπύρος Ἄγκνιου, στό βιβλίο του πού κυκλοφορεῖ, ἀναφέρει ὅτι ὑποχρεώθηκε νά παραιτηθεῖ γιατί φοβόταν γιά τή ζωή του. Ὁ στρατηγός Χαίηγκ χαρακτήρισε γελοίους τούς ἰσχυρισμούς του.

ΒΑΛΤΙΜΟΡΗ, 21. (Ἀσσοσ. Πρές) — Ο πρώην ἀντιπρόεδρος τῶν ΗΠΑ Σπύρος Ἄγκνιου, στό βιβλίο του πού κυκλοφορεῖ, ἀναφέρει ὅτι ὑποχρεώθηκε νά παραιτηθεῖ γιατί φοβόταν γιά τή ζωή του. Ὁ στρατηγός Χαίηγκ χαρακτήρισε γελοίους τούς ἰσχυρισμούς του.

ΒΑΛΤΙΜΟΡΗ, 21. (Ἀσσοσ. Πρές) — Ο πρώην ἀντιπρόεδρος τῶν ΗΠΑ Σπύρος Ἄγκνιου, στό βιβλίο του πού κυκλοφορεῖ, ἀναφέρει ὅτι ὑποχρεώθηκε νά παραιτηθεῖ γιατί φοβόταν γιά τή ζωή του. Ὁ στρατηγός Χαίηγκ χαρακτήρισε γελοίους τούς ἰσχυρισμούς του.

Από Αγγλους ἐπιστήμονες
Καινούργιο ἀντισυλληπτικό
παρασκευάσθηκε
διαρκείας... τριῶν μηνῶν
Τά μειονεκτήματά του. Ἡ φυσική ἐπαναλειτουργία τῶν ὠοθηκῶν. Χορηγεῖται μέ μιά ἁπλή ἔνεση.—

ΛΟΝΔΙΝΟ, 21. (Τοῦ ἀνταποκριτῆ μας) — Ἐπιστήμονες ἀνακοίνωσαν ὅτι παρασκεύασαν νέο ἀντισυλληπτικό τό ὁποῖο χορηγεῖται μέ μιά ἔνεση καί διαρκεῖ τρεῖς μῆνες. Τά πρῶτα ἀποτελέσματα εἶναι ἐνθαρρυντικά.

ΛΟΝΔΙΝΟ, 21. (Τοῦ ἀνταποκριτῆ μας) — Ἐπιστήμονες ἀνακοίνωσαν ὅτι παρασκεύασαν νέο ἀντισυλληπτικό τό ὁποῖο χορηγεῖται μέ μιά ἔνεση καί διαρκεῖ τρεῖς μῆνες. Τά πρῶτα ἀποτελέσματα εἶναι ἐνθαρρυντικά.

ΛΟΝΔΙΝΟ, 21. (Τοῦ ἀνταποκριτῆ μας) — Ἐπιστήμονες ἀνακοίνωσαν ὅτι παρασκεύασαν νέο ἀντισυλληπτικό τό ὁποῖο χορηγεῖται μέ μιά ἔνεση καί διαρκεῖ τρεῖς μῆνες. Τά πρῶτα ἀποτελέσματα εἶναι ἐνθαρρυντικά.

Γ. ΓΕΜΕΝΑΚΗΣ
ΜΕΓΑΛΗ ΑΝΤΙΠΟΛΕΜΙΚΗ ΣΥΓΚΕΝΤΡΩΣΗ ΣΤΟ ΛΟΥΞΕΜΒΟΥΡΓΟ ΠΡΙΝ ΤΗ ΣΥΝΟΔΟ ΤΩΝ ΥΠΟΥΡΓΩΝ ΕΞΩΤΕΡΙΚΩΝ ΤΩΝ ΚΡΑΤΟΥΜΕΝΩΝ

ΒΑΡΣΟΒΙΑ, 21. (Πάπ. Πρές.)— Μεγάλη ἀντιπολεμική συγκέντρωση πραγματοποιήθηκε στήν πόλη μέ τή συμμετοχή χιλιάδων πολιτῶν πού ζήτησαν τόν τερματισμό τοῦ ἀγῶνα ἐξοπλισμῶν.

ΒΑΡΣΟΒΙΑ, 21. (Πάπ. Πρές.)— Μεγάλη ἀντιπολεμική συγκέντρωση πραγματοποιήθηκε στήν πόλη μέ τή συμμετοχή χιλιάδων πολιτῶν πού ζήτησαν τόν τερματισμό τοῦ ἀγῶνα ἐξοπλισμῶν.

Α
Γ
Σ
Ι
ΡΙ
ΚΟ
